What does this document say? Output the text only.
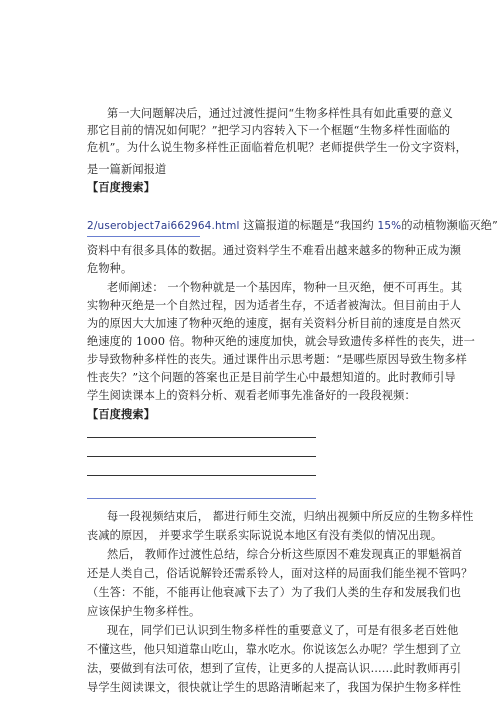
第一大问题解决后，通过过渡性提问“生物多样性具有如此重要的意义
那它目前的情况如何呢？”把学习内容转入下一个框题“生物多样性面临的
危机”。为什么说生物多样性正面临着危机呢？老师提供学生一份文字资料，
是一篇新闻报道
【百度搜索】
2/userobject7ai662964.html 这篇报道的标题是“我国约 15%的动植物濒临灭绝”
资料中有很多具体的数据。通过资料学生不难看出越来越多的物种正成为濒
危物种。
老师阐述： 一个物种就是一个基因库，物种一旦灭绝，便不可再生。其
实物种灭绝是一个自然过程，因为适者生存，不适者被淘汰。但目前由于人
为的原因大大加速了物种灭绝的速度，据有关资料分析目前的速度是自然灭
绝速度的 1000 倍。物种灭绝的速度加快，就会导致遗传多样性的丧失，进一
步导致物种多样性的丧失。通过课件出示思考题：“是哪些原因导致生物多样
性丧失？”这个问题的答案也正是目前学生心中最想知道的。此时教师引导
学生阅读课本上的资料分析、观看老师事先准备好的一段段视频：
【百度搜索】
每一段视频结束后， 都进行师生交流，归纳出视频中所反应的生物多样性
丧减的原因， 并要求学生联系实际说说本地区有没有类似的情况出现。
然后， 教师作过渡性总结，综合分析这些原因不难发现真正的罪魁祸首
还是人类自己，俗话说解铃还需系铃人，面对这样的局面我们能坐视不管吗？
（生答：不能，不能再让他衰减下去了）为了我们人类的生存和发展我们也
应该保护生物多样性。
现在，同学们已认识到生物多样性的重要意义了，可是有很多老百姓他
不懂这些，他只知道靠山吃山，靠水吃水。你说该怎么办呢？学生想到了立
法，要做到有法可依，想到了宣传，让更多的人提高认识……此时教师再引
导学生阅读课文，很快就让学生的思路清晰起来了，我国为保护生物多样性
